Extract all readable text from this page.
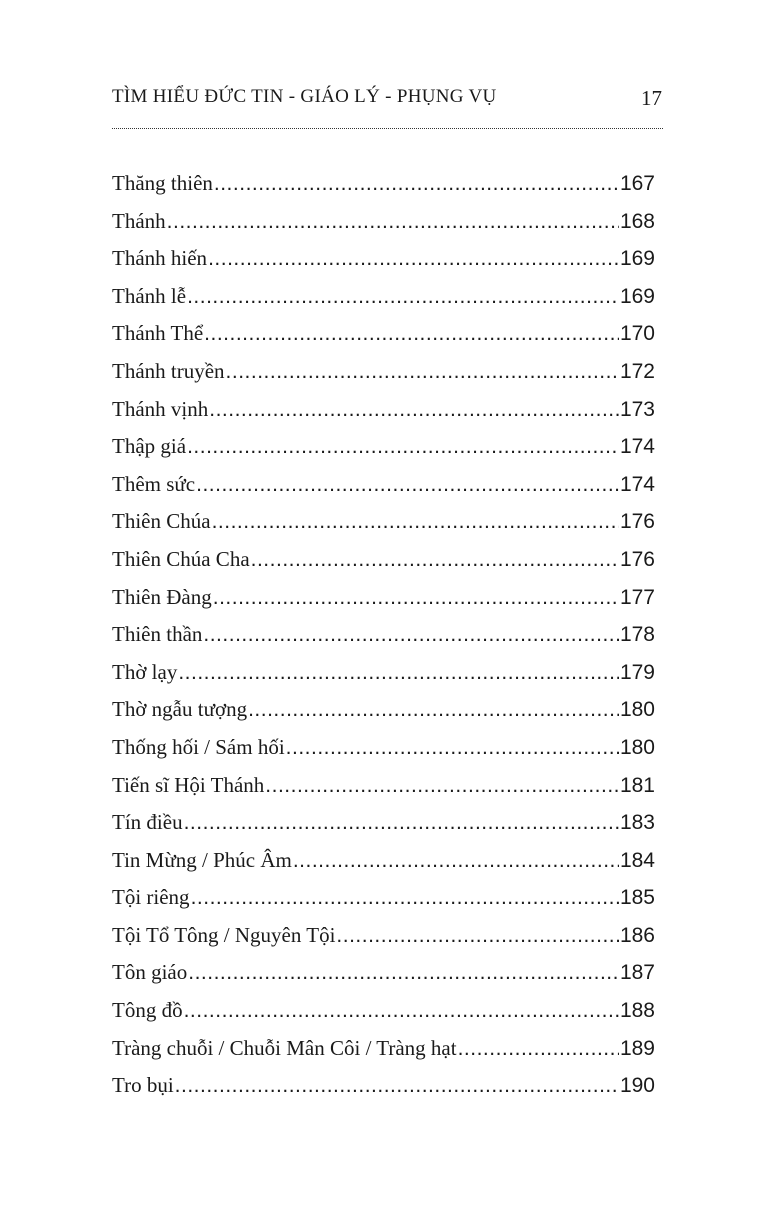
TÌM HIỂU ĐỨC TIN - GIÁO LÝ - PHỤNG VỤ	17
Thăng thiên .....	167
Thánh .....	168
Thánh hiến .....	169
Thánh lễ .....	169
Thánh Thể .....	170
Thánh truyền .....	172
Thánh vịnh .....	173
Thập giá .....	174
Thêm sức .....	174
Thiên Chúa .....	176
Thiên Chúa Cha .....	176
Thiên Đàng .....	177
Thiên thần .....	178
Thờ lạy .....	179
Thờ ngẫu tượng .....	180
Thống hối / Sám hối .....	180
Tiến sĩ Hội Thánh .....	181
Tín điều .....	183
Tin Mừng / Phúc Âm .....	184
Tội riêng .....	185
Tội Tổ Tông / Nguyên Tội .....	186
Tôn giáo .....	187
Tông đồ .....	188
Tràng chuỗi / Chuỗi Mân Côi / Tràng hạt .....	189
Tro bụi .....	190
